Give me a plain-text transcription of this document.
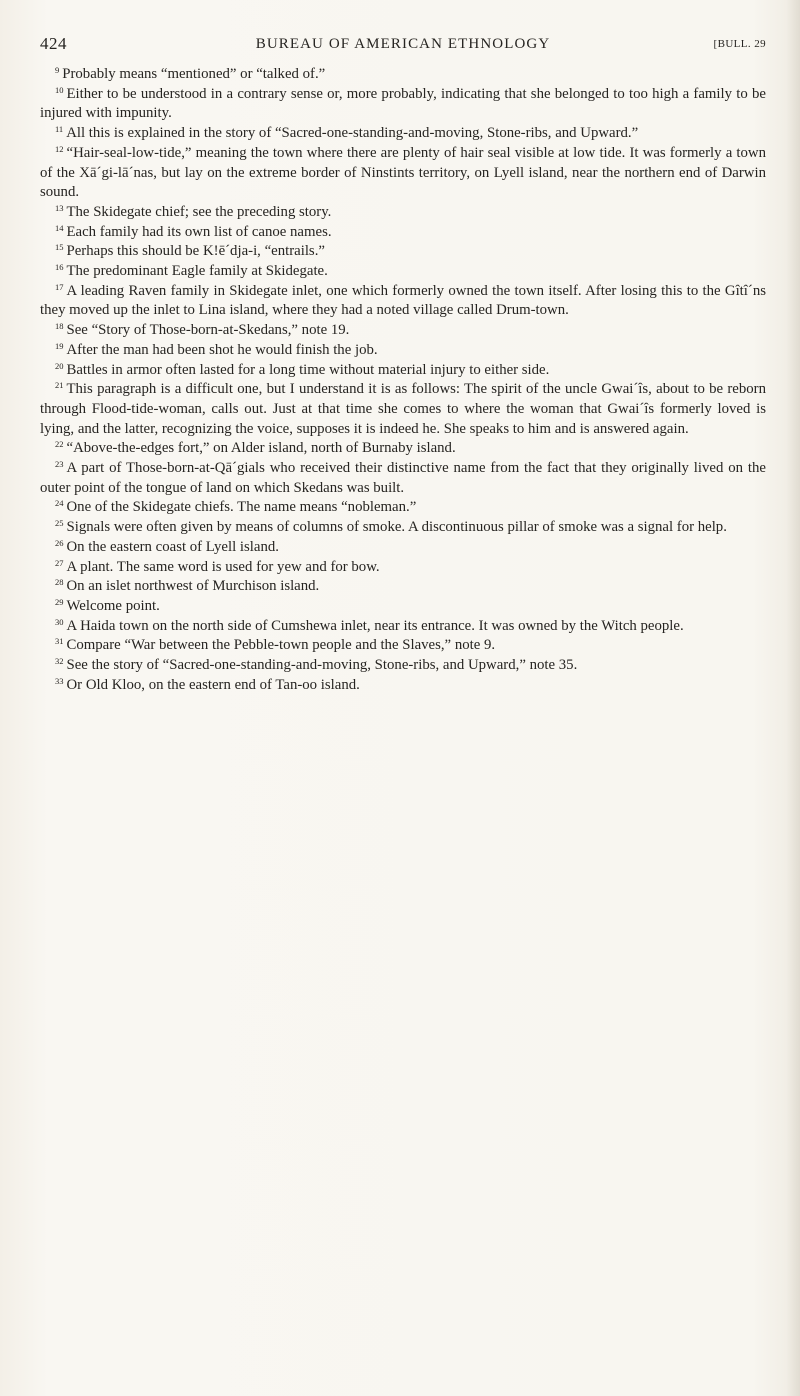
424	BUREAU OF AMERICAN ETHNOLOGY	[BULL. 29

$^9$ Probably means “mentioned” or “talked of.”

$^{10}$ Either to be understood in a contrary sense or, more probably, indicating that she belonged to too high a family to be injured with impunity.

$^{11}$ All this is explained in the story of “Sacred-one-standing-and-moving, Stone-ribs, and Upward.”

$^{12}$ “Hair-seal-low-tide,” meaning the town where there are plenty of hair seal visible at low tide. It was formerly a town of the Xā´gi-lā´nas, but lay on the extreme border of Ninstints territory, on Lyell island, near the northern end of Darwin sound.

$^{13}$ The Skidegate chief; see the preceding story.

$^{14}$ Each family had its own list of canoe names.

$^{15}$ Perhaps this should be K!ē´dja-i, “entrails.”

$^{16}$ The predominant Eagle family at Skidegate.

$^{17}$ A leading Raven family in Skidegate inlet, one which formerly owned the town itself. After losing this to the Gîtî´ns they moved up the inlet to Lina island, where they had a noted village called Drum-town.

$^{18}$ See “Story of Those-born-at-Skedans,” note 19.

$^{19}$ After the man had been shot he would finish the job.

$^{20}$ Battles in armor often lasted for a long time without material injury to either side.

$^{21}$ This paragraph is a difficult one, but I understand it is as follows: The spirit of the uncle Gwai´îs, about to be reborn through Flood-tide-woman, calls out. Just at that time she comes to where the woman that Gwai´îs formerly loved is lying, and the latter, recognizing the voice, supposes it is indeed he. She speaks to him and is answered again.

$^{22}$ “Above-the-edges fort,” on Alder island, north of Burnaby island.

$^{23}$ A part of Those-born-at-Qā´gials who received their distinctive name from the fact that they originally lived on the outer point of the tongue of land on which Skedans was built.

$^{24}$ One of the Skidegate chiefs. The name means “nobleman.”

$^{25}$ Signals were often given by means of columns of smoke. A discontinuous pillar of smoke was a signal for help.

$^{26}$ On the eastern coast of Lyell island.

$^{27}$ A plant. The same word is used for yew and for bow.

$^{28}$ On an islet northwest of Murchison island.

$^{29}$ Welcome point.

$^{30}$ A Haida town on the north side of Cumshewa inlet, near its entrance. It was owned by the Witch people.

$^{31}$ Compare “War between the Pebble-town people and the Slaves,” note 9.

$^{32}$ See the story of “Sacred-one-standing-and-moving, Stone-ribs, and Upward,” note 35.

$^{33}$ Or Old Kloo, on the eastern end of Tan-oo island.
